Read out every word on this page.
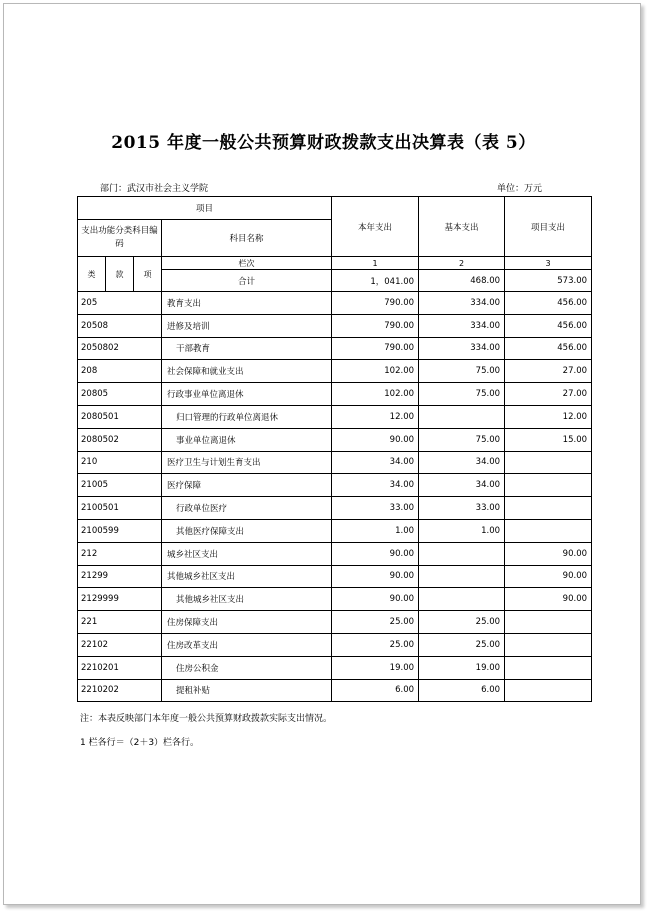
2015 年度一般公共预算财政拨款支出决算表（表 5）
部门：武汉市社会主义学院	单位：万元
项目				本年支出	基本支出	项目支出
支出功能分类科目编码			科目名称			
类	款	项	栏次	1	2	3
			合计	1，041.00	468.00	573.00
205			教育支出	790.00	334.00	456.00
20508			进修及培训	790.00	334.00	456.00
2050802			干部教育	790.00	334.00	456.00
208			社会保障和就业支出	102.00	75.00	27.00
20805			行政事业单位离退休	102.00	75.00	27.00
2080501			归口管理的行政单位离退休	12.00		12.00
2080502			事业单位离退休	90.00	75.00	15.00
210			医疗卫生与计划生育支出	34.00	34.00	
21005			医疗保障	34.00	34.00	
2100501			行政单位医疗	33.00	33.00	
2100599			其他医疗保障支出	1.00	1.00	
212			城乡社区支出	90.00		90.00
21299			其他城乡社区支出	90.00		90.00
2129999			其他城乡社区支出	90.00		90.00
221			住房保障支出	25.00	25.00	
22102			住房改革支出	25.00	25.00	
2210201			住房公积金	19.00	19.00	
2210202			提租补贴	6.00	6.00	
注：本表反映部门本年度一般公共预算财政拨款实际支出情况。
1 栏各行＝（2＋3）栏各行。
